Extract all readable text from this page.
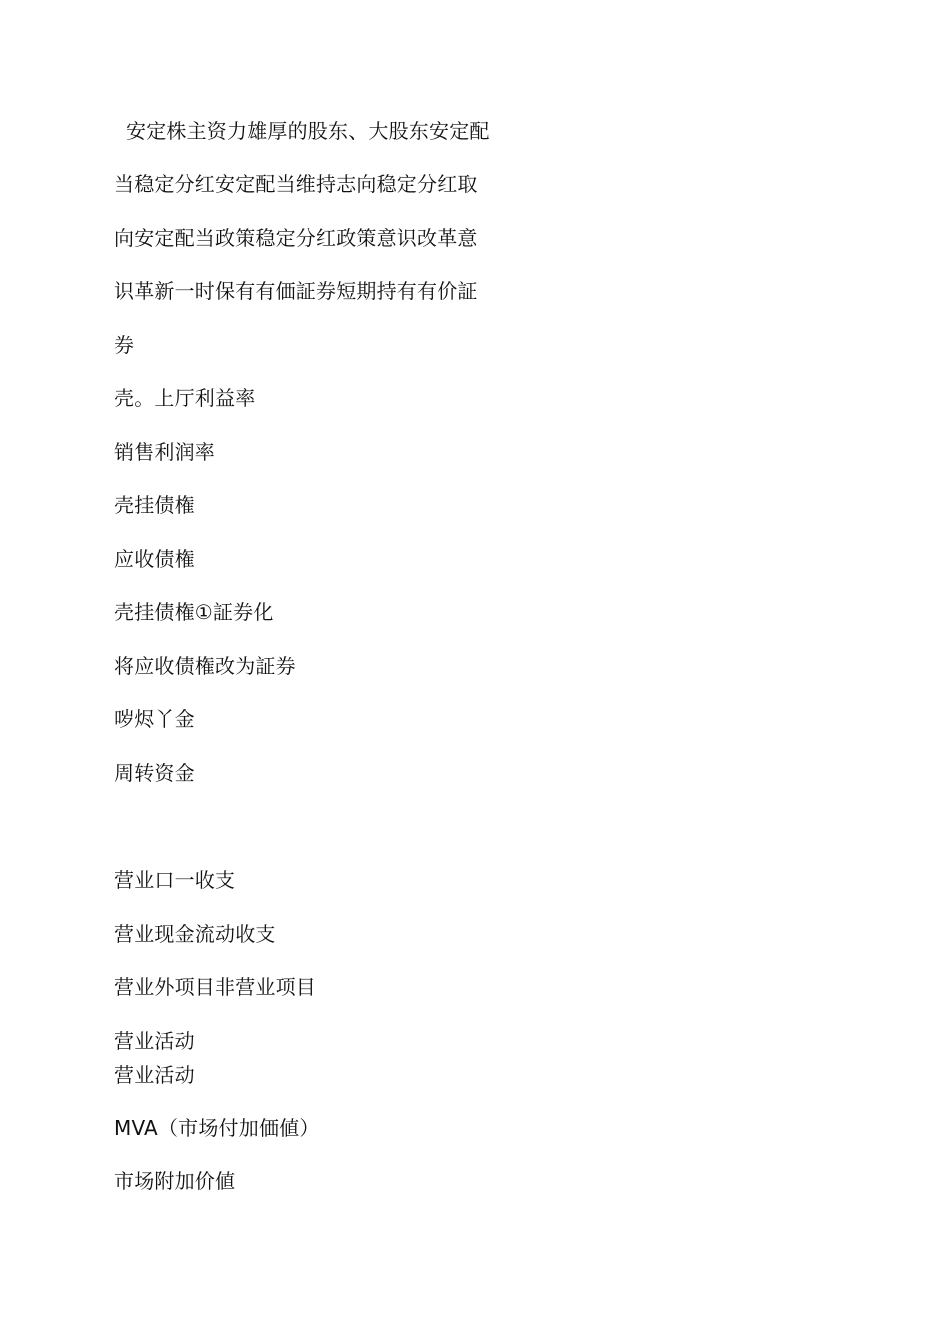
安定株主资力雄厚的股东、大股东安定配
当稳定分红安定配当维持志向稳定分红取
向安定配当政策稳定分红政策意识改革意
识革新一时保有有価証券短期持有有价証
券
壳。上厅利益率
销售利润率
壳挂债権
应收债権
壳挂债権①証券化
将应收债権改为証券
哕烬丫金
周转资金
营业口一收支
营业现金流动收支
营业外项目非营业项目
营业活动
营业活动
MVA（市场付加価値）
市场附加价値
